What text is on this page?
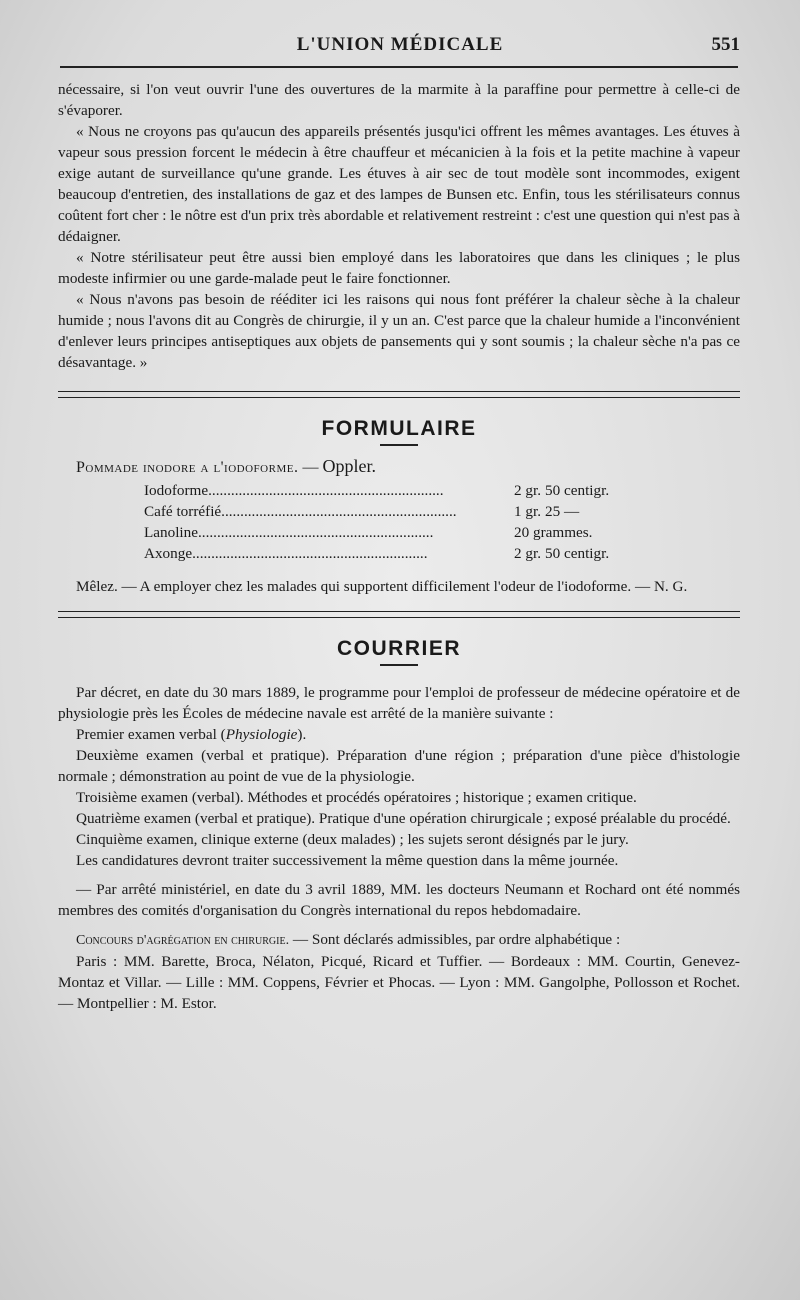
L'UNION MÉDICALE	551

nécessaire, si l'on veut ouvrir l'une des ouvertures de la marmite à la paraffine pour permettre à celle-ci de s'évaporer.

« Nous ne croyons pas qu'aucun des appareils présentés jusqu'ici offrent les mêmes avantages. Les étuves à vapeur sous pression forcent le médecin à être chauffeur et mécanicien à la fois et la petite machine à vapeur exige autant de surveillance qu'une grande. Les étuves à air sec de tout modèle sont incommodes, exigent beaucoup d'entretien, des installations de gaz et des lampes de Bunsen etc. Enfin, tous les stérilisateurs connus coûtent fort cher : le nôtre est d'un prix très abordable et relativement restreint : c'est une question qui n'est pas à dédaigner.

« Notre stérilisateur peut être aussi bien employé dans les laboratoires que dans les cliniques ; le plus modeste infirmier ou une garde-malade peut le faire fonctionner.

« Nous n'avons pas besoin de rééditer ici les raisons qui nous font préférer la chaleur sèche à la chaleur humide ; nous l'avons dit au Congrès de chirurgie, il y un an. C'est parce que la chaleur humide a l'inconvénient d'enlever leurs principes antiseptiques aux objets de pansements qui y sont soumis ; la chaleur sèche n'a pas ce désavantage. »

FORMULAIRE

Pommade inodore a l'iodoforme. — Oppler.

Iodoforme..............................................................	2 gr. 50 centigr.
Café torréfié..............................................................	1 gr. 25 —
Lanoline..............................................................	20 grammes.
Axonge..............................................................	2 gr. 50 centigr.

Mêlez. — A employer chez les malades qui supportent difficilement l'odeur de l'iodoforme. — N. G.

COURRIER

Par décret, en date du 30 mars 1889, le programme pour l'emploi de professeur de médecine opératoire et de physiologie près les Écoles de médecine navale est arrêté de la manière suivante :

Premier examen verbal (Physiologie).

Deuxième examen (verbal et pratique). Préparation d'une région ; préparation d'une pièce d'histologie normale ; démonstration au point de vue de la physiologie.

Troisième examen (verbal). Méthodes et procédés opératoires ; historique ; examen critique.

Quatrième examen (verbal et pratique). Pratique d'une opération chirurgicale ; exposé préalable du procédé.

Cinquième examen, clinique externe (deux malades) ; les sujets seront désignés par le jury.

Les candidatures devront traiter successivement la même question dans la même journée.

— Par arrêté ministériel, en date du 3 avril 1889, MM. les docteurs Neumann et Rochard ont été nommés membres des comités d'organisation du Congrès international du repos hebdomadaire.

Concours d'agrégation en chirurgie. — Sont déclarés admissibles, par ordre alphabétique :

Paris : MM. Barette, Broca, Nélaton, Picqué, Ricard et Tuffier. — Bordeaux : MM. Courtin, Genevez-Montaz et Villar. — Lille : MM. Coppens, Février et Phocas. — Lyon : MM. Gangolphe, Pollosson et Rochet. — Montpellier : M. Estor.
